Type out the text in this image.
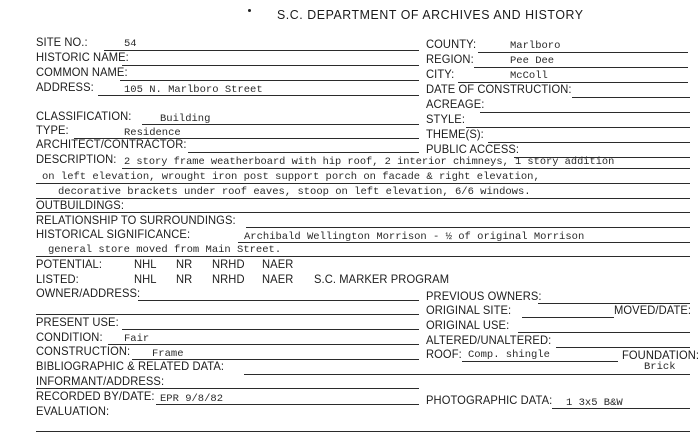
S.C. DEPARTMENT OF ARCHIVES AND HISTORY
SITE NO.:	54	COUNTY:	Marlboro
HISTORIC NAME:	REGION:	Pee Dee
COMMON NAME:	CITY:	McColl
ADDRESS:	105 N. Marlboro Street	DATE OF CONSTRUCTION:
ACREAGE:
CLASSIFICATION:	Building	STYLE:
TYPE:	Residence	THEME(S):
ARCHITECT/CONTRACTOR:	PUBLIC ACCESS:
DESCRIPTION: 2 story frame weatherboard with hip roof, 2 interior chimneys, 1 story addition
on left elevation, wrought iron post support porch on facade & right elevation,
decorative brackets under roof eaves, stoop on left elevation, 6/6 windows.
OUTBUILDINGS:
RELATIONSHIP TO SURROUNDINGS:
HISTORICAL SIGNIFICANCE:	Archibald Wellington Morrison - ½ of original Morrison
general store moved from Main Street.
POTENTIAL:	NHL NR NRHD NAER
LISTED:	NHL NR NRHD NAER S.C. MARKER PROGRAM
OWNER/ADDRESS:	PREVIOUS OWNERS:
ORIGINAL SITE:	MOVED/DATE:
PRESENT USE:	ORIGINAL USE:
CONDITION: Fair	ALTERED/UNALTERED:
CONSTRUCTION: Frame	ROOF: Comp. shingle	FOUNDATION:
Brick
BIBLIOGRAPHIC & RELATED DATA:
INFORMANT/ADDRESS:
RECORDED BY/DATE: EPR 9/8/82	PHOTOGRAPHIC DATA: 1 3x5 B&W
EVALUATION:
